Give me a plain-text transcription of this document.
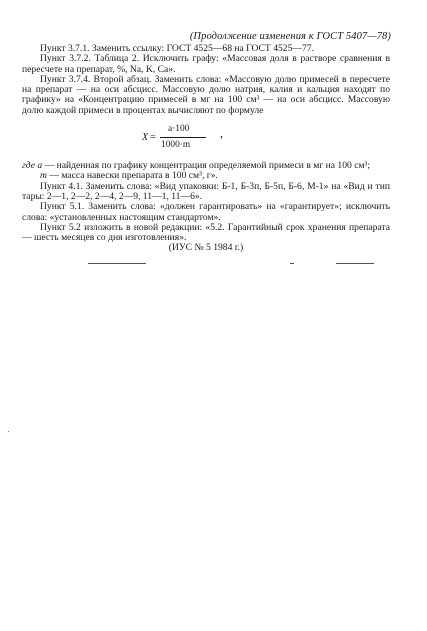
(Продолжение изменения к ГОСТ 5407—78)

Пункт 3.7.1. Заменить ссылку: ГОСТ 4525—68 на ГОСТ 4525—77.

Пункт 3.7.2. Таблица 2. Исключить графу: «Массовая доля в растворе сравнения в пересчете на препарат, %, Na, K, Ca».

Пункт 3.7.4. Второй абзац. Заменить слова: «Массовую долю примесей в пересчете на препарат — на оси абсцисс. Массовую долю натрия, калия и кальция находят по графику» на «Концентрацию примесей в мг на 100 см³ — на оси абсцисс. Массовую долю каждой примеси в процентах вычисляют по формуле

X =
a·100
1000·m
,

где a — найденная по графику концентрация определяемой примеси в мг на 100 см³;

m — масса навески препарата в 100 см³, г».

Пункт 4.1. Заменить слова: «Вид упаковки: Б-1, Б-3п, Б-5п, Б-6, М-1» на «Вид и тип тары: 2—1, 2—2, 2—4, 2—9, 11—1, 11—6».

Пункт 5.1. Заменить слова: «должен гарантировать» на «гарантирует»; исключить слова: «установленных настоящим стандартом».

Пункт 5.2 изложить в новой редакции: «5.2. Гарантийный срок хранения препарата — шесть месяцев со дня изготовления».

(ИУС № 5 1984 г.)
